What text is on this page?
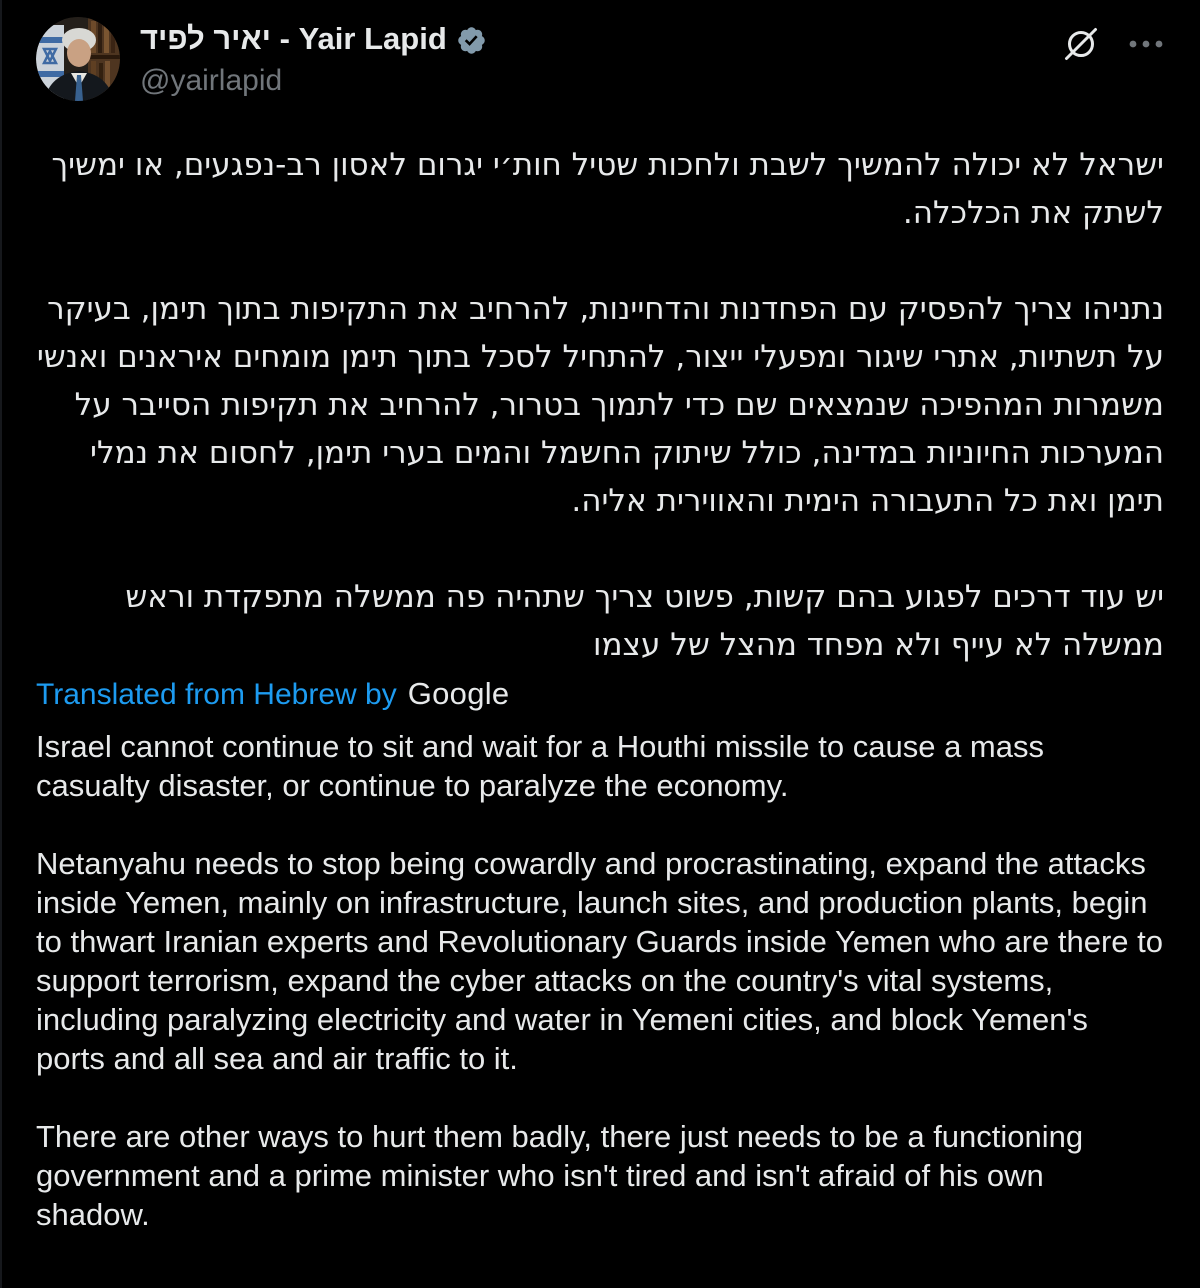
יאיר לפיד - Yair Lapid
@yairlapid

ישראל לא יכולה להמשיך לשבת ולחכות שטיל חות׳י יגרום לאסון רב-נפגעים, או ימשיך לשתק את הכלכלה.

נתניהו צריך להפסיק עם הפחדנות והדחיינות, להרחיב את התקיפות בתוך תימן, בעיקר על תשתיות, אתרי שיגור ומפעלי ייצור, להתחיל לסכל בתוך תימן מומחים איראנים ואנשי משמרות המהפיכה שנמצאים שם כדי לתמוך בטרור, להרחיב את תקיפות הסייבר על המערכות החיוניות במדינה, כולל שיתוק החשמל והמים בערי תימן, לחסום את נמלי תימן ואת כל התעבורה הימית והאווירית אליה.

יש עוד דרכים לפגוע בהם קשות, פשוט צריך שתהיה פה ממשלה מתפקדת וראש ממשלה לא עייף ולא מפחד מהצל של עצמו

Translated from Hebrew by Google

Israel cannot continue to sit and wait for a Houthi missile to cause a mass casualty disaster, or continue to paralyze the economy.

Netanyahu needs to stop being cowardly and procrastinating, expand the attacks inside Yemen, mainly on infrastructure, launch sites, and production plants, begin to thwart Iranian experts and Revolutionary Guards inside Yemen who are there to support terrorism, expand the cyber attacks on the country's vital systems, including paralyzing electricity and water in Yemeni cities, and block Yemen's ports and all sea and air traffic to it.

There are other ways to hurt them badly, there just needs to be a functioning government and a prime minister who isn't tired and isn't afraid of his own shadow.
